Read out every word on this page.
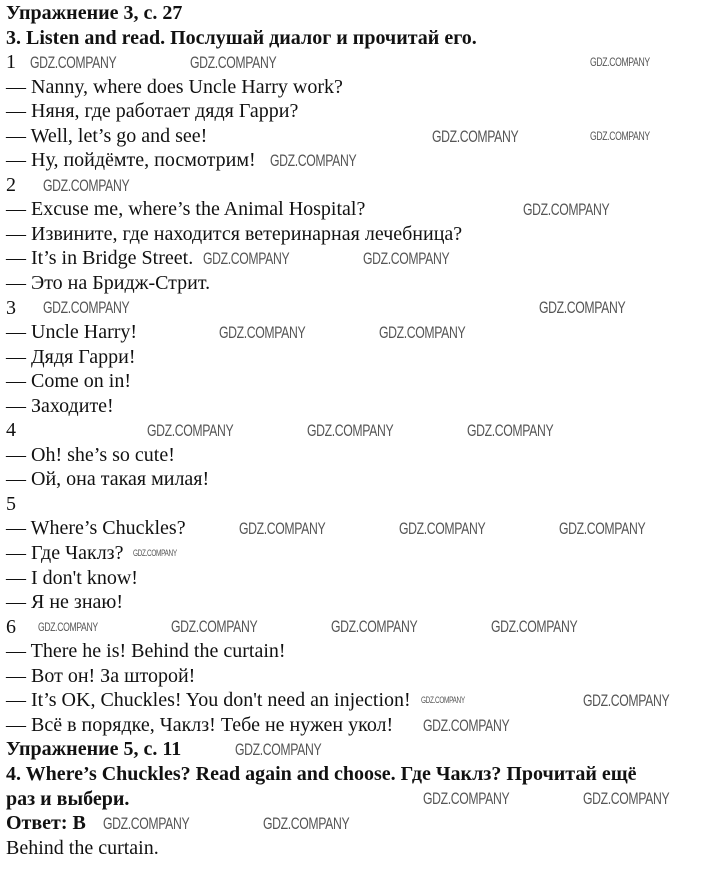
Упражнение 3, с. 27
3. Listen and read. Послушай диалог и прочитай его.
1
— Nanny, where does Uncle Harry work?
— Няня, где работает дядя Гарри?
— Well, let’s go and see!
— Ну, пойдёмте, посмотрим!
2
— Excuse me, where’s the Animal Hospital?
— Извините, где находится ветеринарная лечебница?
— It’s in Bridge Street.
— Это на Бридж-Стрит.
3
— Uncle Harry!
— Дядя Гарри!
— Come on in!
— Заходите!
4
— Oh! she’s so cute!
— Ой, она такая милая!
5
— Where’s Chuckles?
— Где Чаклз?
— I don't know!
— Я не знаю!
6
— There he is! Behind the curtain!
— Вот он! За шторой!
— It’s OK, Chuckles! You don't need an injection!
— Всё в порядке, Чаклз! Тебе не нужен укол!
Упражнение 5, с. 11
4. Where’s Chuckles? Read again and choose. Где Чаклз? Прочитай ещё
раз и выбери.
Ответ: B
Behind the curtain.
GDZ.COMPANY	GDZ.COMPANY	GDZ.COMPANY
GDZ.COMPANY	GDZ.COMPANY
GDZ.COMPANY
GDZ.COMPANY
GDZ.COMPANY
GDZ.COMPANY	GDZ.COMPANY
GDZ.COMPANY	GDZ.COMPANY
GDZ.COMPANY	GDZ.COMPANY
GDZ.COMPANY	GDZ.COMPANY	GDZ.COMPANY
GDZ.COMPANY	GDZ.COMPANY	GDZ.COMPANY
GDZ.COMPANY
GDZ.COMPANY	GDZ.COMPANY	GDZ.COMPANY
GDZ.COMPANY
GDZ.COMPANY
GDZ.COMPANY
GDZ.COMPANY
GDZ.COMPANY
GDZ.COMPANY	GDZ.COMPANY
GDZ.COMPANY	GDZ.COMPANY
